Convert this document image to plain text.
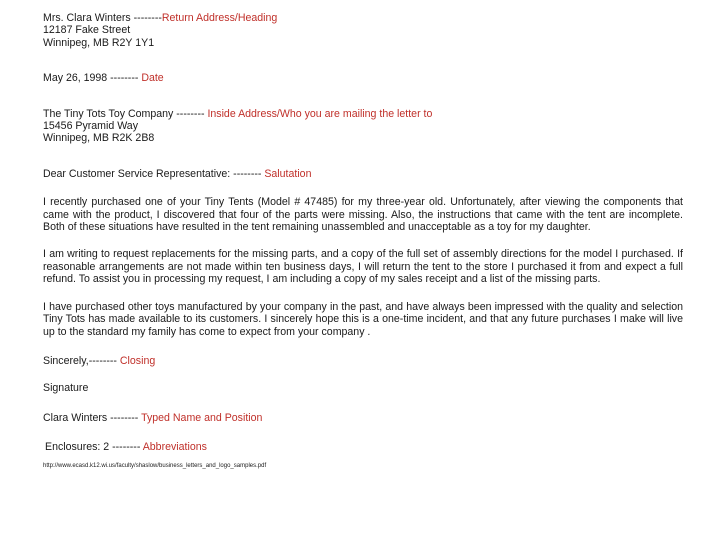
Mrs. Clara Winters --------Return Address/Heading

12187 Fake Street

Winnipeg, MB R2Y 1Y1

May 26, 1998 -------- Date

The Tiny Tots Toy Company -------- Inside Address/Who you are mailing the letter to

15456 Pyramid Way

Winnipeg, MB R2K 2B8

Dear Customer Service Representative: -------- Salutation

I recently purchased one of your Tiny Tents (Model # 47485) for my three-year old. Unfortunately, after viewing the components that came with the product, I discovered that four of the parts were missing. Also, the instructions that came with the tent are incomplete. Both of these situations have resulted in the tent remaining unassembled and unacceptable as a toy for my daughter.

I am writing to request replacements for the missing parts, and a copy of the full set of assembly directions for the model I purchased. If reasonable arrangements are not made within ten business days, I will return the tent to the store I purchased it from and expect a full refund. To assist you in processing my request, I am including a copy of my sales receipt and a list of the missing parts.

I have purchased other toys manufactured by your company in the past, and have always been impressed with the quality and selection Tiny Tots has made available to its customers. I sincerely hope this is a one-time incident, and that any future purchases I make will live up to the standard my family has come to expect from your company .

Sincerely,-------- Closing

Signature

Clara Winters -------- Typed Name and Position

Enclosures: 2 -------- Abbreviations

http://www.ecasd.k12.wi.us/faculty/shaslow/business_letters_and_logo_samples.pdf
